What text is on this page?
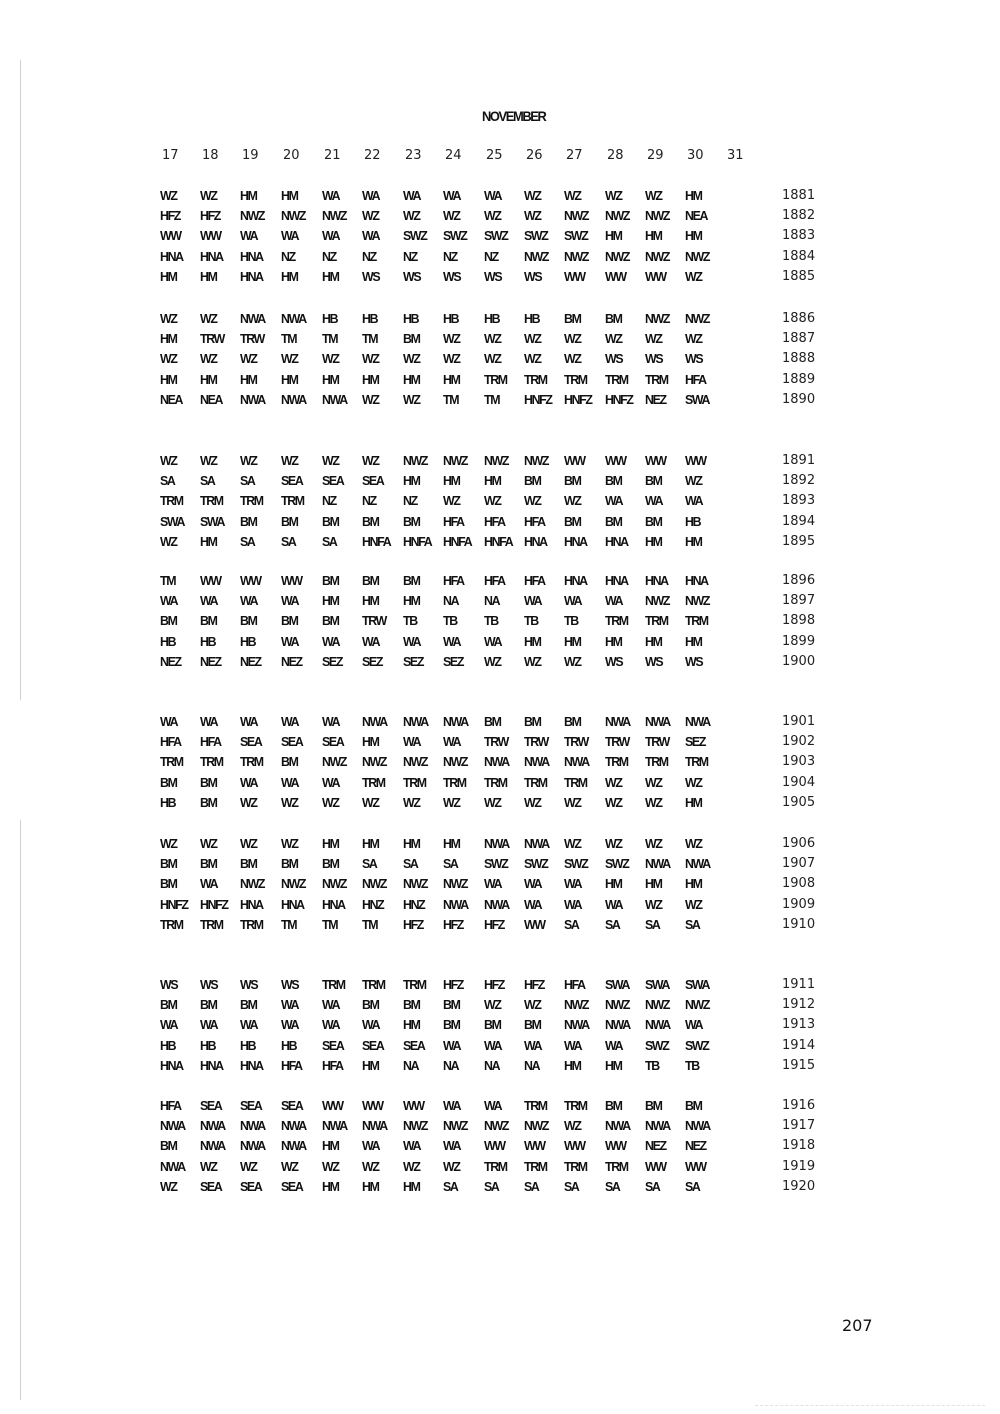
NOVEMBER
17	18	19	20	21	22	23	24	25	26	27	28	29	30	31
WZ WZ HM HM WA WA WA WA WA WZ WZ WZ WZ HM	1881
HFZ HFZ NWZ NWZ NWZ WZ WZ WZ WZ WZ NWZ NWZ NWZ NEA	1882
WW WW WA WA WA WA SWZ SWZ SWZ SWZ SWZ HM HM HM	1883
HNA HNA HNA NZ NZ NZ NZ NZ NZ NWZ NWZ NWZ NWZ NWZ	1884
HM HM HNA HM HM WS WS WS WS WS WW WW WW WZ	1885
WZ WZ NWA NWA HB HB HB HB HB HB BM BM NWZ NWZ	1886
HM TRW TRW TM TM TM BM WZ WZ WZ WZ WZ WZ WZ	1887
WZ WZ WZ WZ WZ WZ WZ WZ WZ WZ WZ WS WS WS	1888
HM HM HM HM HM HM HM HM TRM TRM TRM TRM TRM HFA	1889
NEA NEA NWA NWA NWA WZ WZ TM TM HNFZ HNFZ HNFZ NEZ SWA	1890
WZ WZ WZ WZ WZ WZ NWZ NWZ NWZ NWZ WW WW WW WW	1891
SA SA SA SEA SEA SEA HM HM HM BM BM BM BM WZ	1892
TRM TRM TRM TRM NZ NZ NZ WZ WZ WZ WZ WA WA WA	1893
SWA SWA BM BM BM BM BM HFA HFA HFA BM BM BM HB	1894
WZ HM SA SA SA HNFA HNFA HNFA HNFA HNA HNA HNA HM HM	1895
TM WW WW WW BM BM BM HFA HFA HFA HNA HNA HNA HNA	1896
WA WA WA WA HM HM HM NA NA WA WA WA NWZ NWZ	1897
BM BM BM BM BM TRW TB TB TB TB TB TRM TRM TRM	1898
HB HB HB WA WA WA WA WA WA HM HM HM HM HM	1899
NEZ NEZ NEZ NEZ SEZ SEZ SEZ SEZ WZ WZ WZ WS WS WS	1900
WA WA WA WA WA NWA NWA NWA BM BM BM NWA NWA NWA	1901
HFA HFA SEA SEA SEA HM WA WA TRW TRW TRW TRW TRW SEZ	1902
TRM TRM TRM BM NWZ NWZ NWZ NWZ NWA NWA NWA TRM TRM TRM	1903
BM BM WA WA WA TRM TRM TRM TRM TRM TRM WZ WZ WZ	1904
HB BM WZ WZ WZ WZ WZ WZ WZ WZ WZ WZ WZ HM	1905
WZ WZ WZ WZ HM HM HM HM NWA NWA WZ WZ WZ WZ	1906
BM BM BM BM BM SA SA SA SWZ SWZ SWZ SWZ NWA NWA	1907
BM WA NWZ NWZ NWZ NWZ NWZ NWZ WA WA WA HM HM HM	1908
HNFZ HNFZ HNA HNA HNA HNZ HNZ NWA NWA WA WA WA WZ WZ	1909
TRM TRM TRM TM TM TM HFZ HFZ HFZ WW SA SA SA SA	1910
WS WS WS WS TRM TRM TRM HFZ HFZ HFZ HFA SWA SWA SWA	1911
BM BM BM WA WA BM BM BM WZ WZ NWZ NWZ NWZ NWZ	1912
WA WA WA WA WA WA HM BM BM BM NWA NWA NWA WA	1913
HB HB HB HB SEA SEA SEA WA WA WA WA WA SWZ SWZ	1914
HNA HNA HNA HFA HFA HM NA NA NA NA HM HM TB TB	1915
HFA SEA SEA SEA WW WW WW WA WA TRM TRM BM BM BM	1916
NWA NWA NWA NWA NWA NWA NWZ NWZ NWZ NWZ WZ NWA NWA NWA	1917
BM NWA NWA NWA HM WA WA WA WW WW WW WW NEZ NEZ	1918
NWA WZ WZ WZ WZ WZ WZ WZ TRM TRM TRM TRM WW WW	1919
WZ SEA SEA SEA HM HM HM SA SA SA SA SA SA SA	1920
207
